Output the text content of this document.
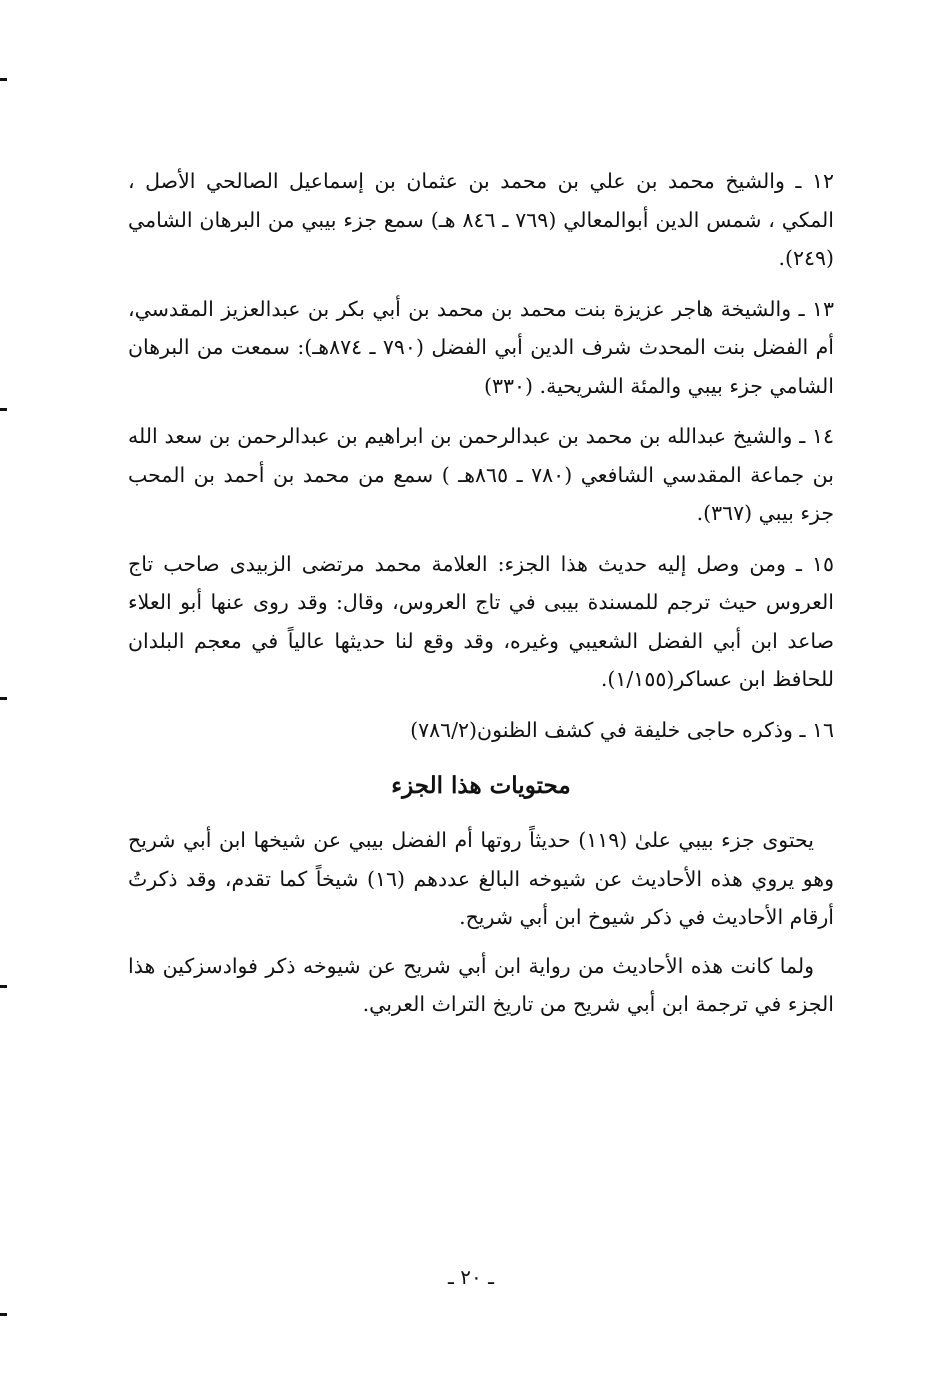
١٢ ـ والشيخ محمد بن علي بن محمد بن عثمان بن إسماعيل الصالحي الأصل ، المكي ، شمس الدين أبوالمعالي (٧٦٩ ـ ٨٤٦ هـ) سمع جزء بيبي من البرهان الشامي (٢٤٩).

١٣ ـ والشيخة هاجر عزيزة بنت محمد بن محمد بن أبي بكر بن عبدالعزيز المقدسي، أم الفضل بنت المحدث شرف الدين أبي الفضل (٧٩٠ ـ ٨٧٤هـ): سمعت من البرهان الشامي جزء بيبي والمئة الشريحية. (٣٣٠)

١٤ ـ والشيخ عبدالله بن محمد بن عبدالرحمن بن ابراهيم بن عبدالرحمن بن سعد الله بن جماعة المقدسي الشافعي (٧٨٠ ـ ٨٦٥هـ ) سمع من محمد بن أحمد بن المحب جزء بيبي (٣٦٧).

١٥ ـ ومن وصل إليه حديث هذا الجزء: العلامة محمد مرتضى الزبيدى صاحب تاج العروس حيث ترجم للمسندة بيبى في تاج العروس، وقال: وقد روى عنها أبو العلاء صاعد ابن أبي الفضل الشعيبي وغيره، وقد وقع لنا حديثها عالياً في معجم البلدان للحافظ ابن عساكر(١/١٥٥).

١٦ ـ وذكره حاجى خليفة في كشف الظنون(٧٨٦/٢)

محتويات هذا الجزء

يحتوى جزء بيبي علىٰ (١١٩) حديثاً روتها أم الفضل بيبي عن شيخها ابن أبي شريح وهو يروي هذه الأحاديث عن شيوخه البالغ عددهم (١٦) شيخاً كما تقدم، وقد ذكرتُ أرقام الأحاديث في ذكر شيوخ ابن أبي شريح.

ولما كانت هذه الأحاديث من رواية ابن أبي شريح عن شيوخه ذكر فوادسزكين هذا الجزء في ترجمة ابن أبي شريح من تاريخ التراث العربي.

ـ ٢٠ ـ
